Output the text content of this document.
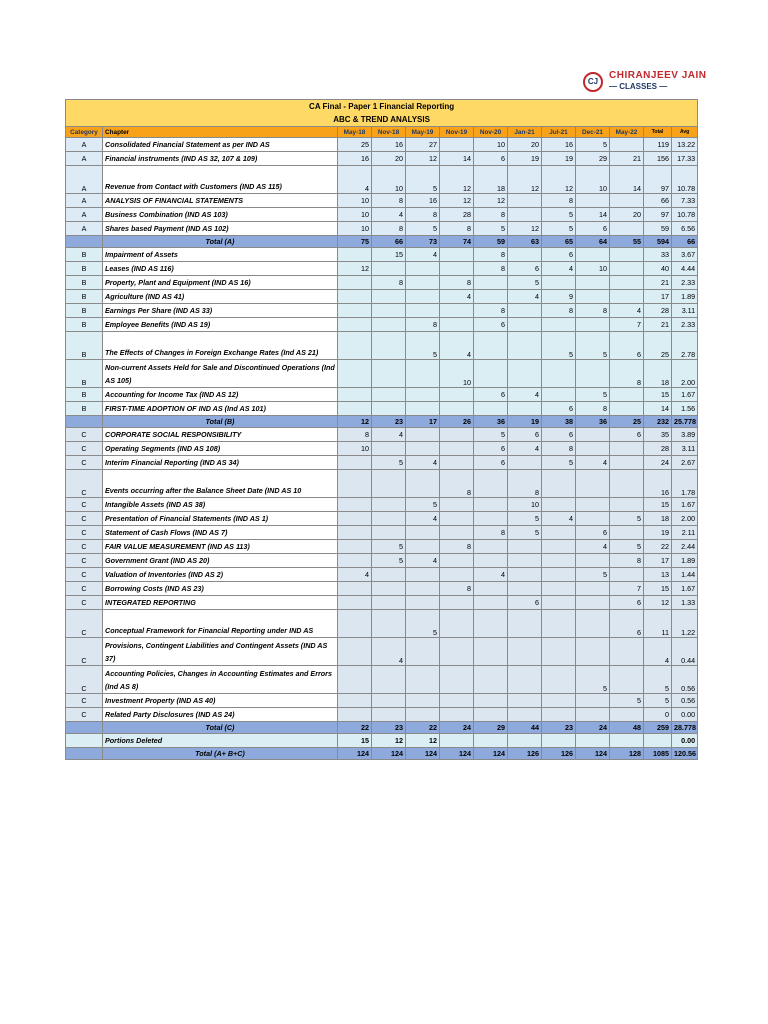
CJ
CHIRANJEEV JAIN
— CLASSES —
CA Final - Paper 1 Financial Reporting												
ABC & TREND ANALYSIS												
Category	Chapter	May-18	Nov-18	May-19	Nov-19	Nov-20	Jan-21	Jul-21	Dec-21	May-22	Total	Avg
A	Consolidated Financial Statement as per IND AS	25	16	27		10	20	16	5		119	13.22
A	Financial instruments (IND AS 32, 107 & 109)	16	20	12	14	6	19	19	29	21	156	17.33
A	Revenue from Contact with Customers (IND AS 115)	4	10	5	12	18	12	12	10	14	97	10.78
A	ANALYSIS OF FINANCIAL STATEMENTS	10	8	16	12	12		8			66	7.33
A	Business Combination (IND AS 103)	10	4	8	28	8		5	14	20	97	10.78
A	Shares based Payment (IND AS 102)	10	8	5	8	5	12	5	6		59	6.56
	Total (A)	75	66	73	74	59	63	65	64	55	594	66
B	Impairment of Assets		15	4		8		6			33	3.67
B	Leases (IND AS 116)	12				8	6	4	10		40	4.44
B	Property, Plant and Equipment (IND AS 16)		8		8		5				21	2.33
B	Agriculture (IND AS 41)				4		4	9			17	1.89
B	Earnings Per Share (IND AS 33)					8		8	8	4	28	3.11
B	Employee Benefits (IND AS 19)			8		6				7	21	2.33
B	The Effects of Changes in Foreign Exchange Rates (Ind AS 21)			5	4			5	5	6	25	2.78
B	Non-current Assets Held for Sale and Discontinued Operations (Ind AS 105)				10					8	18	2.00
B	Accounting for Income Tax (IND AS 12)					6	4		5		15	1.67
B	FIRST-TIME ADOPTION OF IND AS (Ind AS 101)							6	8		14	1.56
	Total (B)	12	23	17	26	36	19	38	36	25	232	25.778
C	CORPORATE SOCIAL RESPONSIBILITY	8	4			5	6	6		6	35	3.89
C	Operating Segments (IND AS 108)	10				6	4	8			28	3.11
C	Interim Financial Reporting (IND AS 34)		5	4		6		5	4		24	2.67
C	Events occurring after the Balance Sheet Date (IND AS 10				8		8				16	1.78
C	Intangible Assets (IND AS 38)			5			10				15	1.67
C	Presentation of Financial Statements (IND AS 1)			4			5	4		5	18	2.00
C	Statement of Cash Flows (IND AS 7)					8	5		6		19	2.11
C	FAIR VALUE MEASUREMENT (IND AS 113)		5		8				4	5	22	2.44
C	Government Grant (IND AS 20)		5	4						8	17	1.89
C	Valuation of Inventories (IND AS 2)	4				4			5		13	1.44
C	Borrowing Costs (IND AS 23)				8					7	15	1.67
C	INTEGRATED REPORTING						6			6	12	1.33
C	Conceptual Framework for Financial Reporting under IND AS			5						6	11	1.22
C	Provisions, Contingent Liabilities and Contingent Assets (IND AS 37)		4								4	0.44
C	Accounting Policies, Changes in Accounting Estimates and Errors (Ind AS 8)								5		5	0.56
C	Investment Property (IND AS 40)									5	5	0.56
C	Related Party Disclosures (IND AS 24)										0	0.00
	Total (C)	22	23	22	24	29	44	23	24	48	259	28.778
	Portions Deleted	15	12	12								0.00
	Total (A+ B+C)	124	124	124	124	124	126	126	124	128	1085	120.56
